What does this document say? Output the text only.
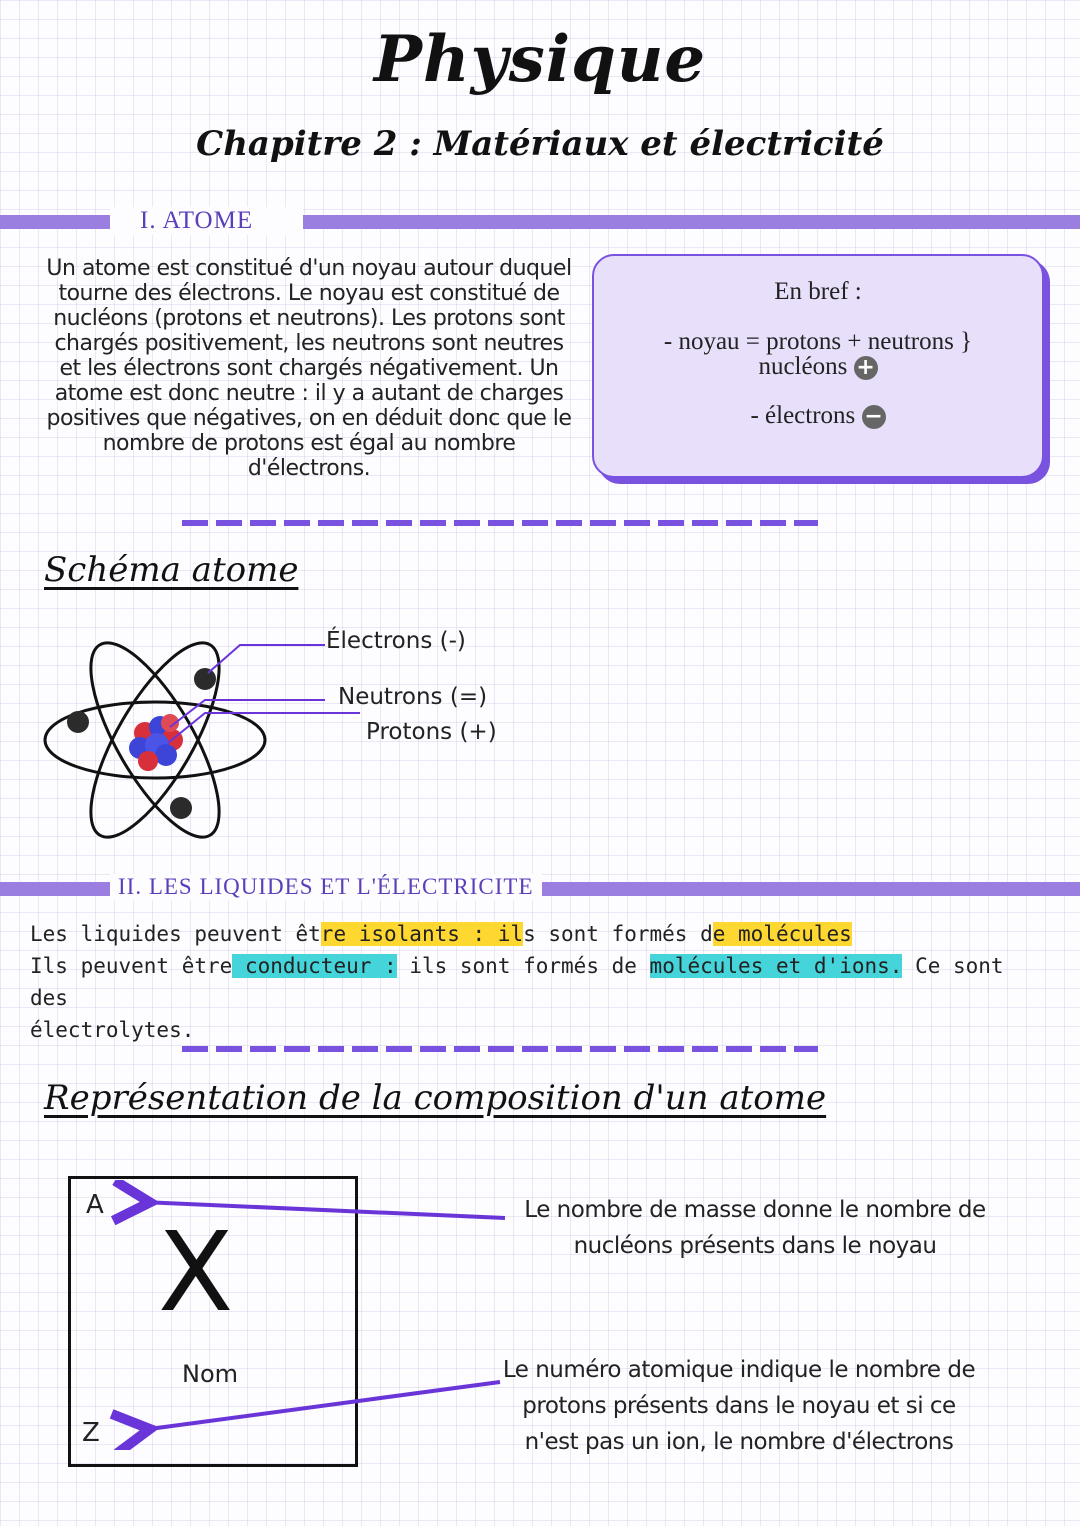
Physique
Chapitre 2 : Matériaux et électricité
I. ATOME
Un atome est constitué d'un noyau autour duquel tourne des électrons. Le noyau est constitué de nucléons (protons et neutrons). Les protons sont chargés positivement, les neutrons sont neutres et les électrons sont chargés négativement. Un atome est donc neutre : il y a autant de charges positives que négatives, on en déduit donc que le nombre de protons est égal au nombre d'électrons.
En bref :
- noyau = protons + neutrons }
nucléons +
- électrons −
Schéma atome
Électrons (-)
Neutrons (=)
Protons (+)
II. LES LIQUIDES ET L'ÉLECTRICITE
Les liquides peuvent être isolants : ils sont formés de molécules
Ils peuvent être conducteur : ils sont formés de molécules et d'ions. Ce sont des
électrolytes.
Représentation de la composition d'un atome
A
X
Nom
Z
Le nombre de masse donne le nombre de nucléons présents dans le noyau
Le numéro atomique indique le nombre de protons présents dans le noyau et si ce n'est pas un ion, le nombre d'électrons
